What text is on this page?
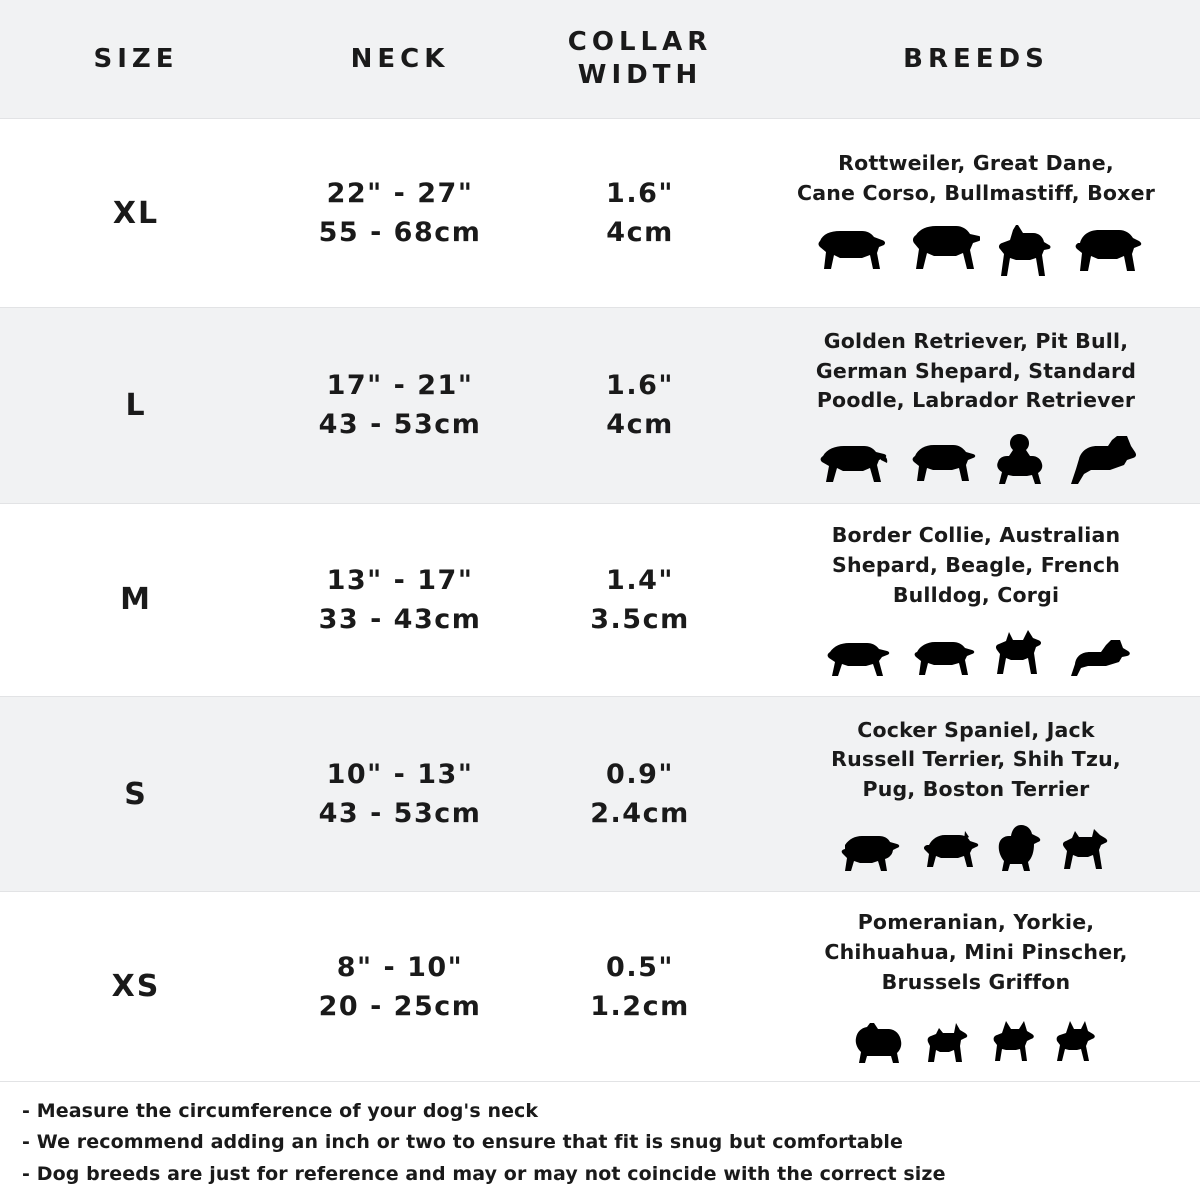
SIZE	NECK
COLLAR
WIDTH
BREEDS
XL
22" - 27"
55 - 68cm
1.6"
4cm
Rottweiler, Great Dane,
Cane Corso, Bullmastiff, Boxer
L
17" - 21"
43 - 53cm
1.6"
4cm
Golden Retriever, Pit Bull,
German Shepard, Standard
Poodle, Labrador Retriever
M
13" - 17"
33 - 43cm
1.4"
3.5cm
Border Collie, Australian
Shepard, Beagle, French
Bulldog, Corgi
S
10" - 13"
43 - 53cm
0.9"
2.4cm
Cocker Spaniel, Jack
Russell Terrier, Shih Tzu,
Pug, Boston Terrier
XS
8" - 10"
20 - 25cm
0.5"
1.2cm
Pomeranian, Yorkie,
Chihuahua, Mini Pinscher,
Brussels Griffon
- Measure the circumference of your dog's neck
- We recommend adding an inch or two to ensure that fit is snug but comfortable
- Dog breeds are just for reference and may or may not coincide with the correct size
